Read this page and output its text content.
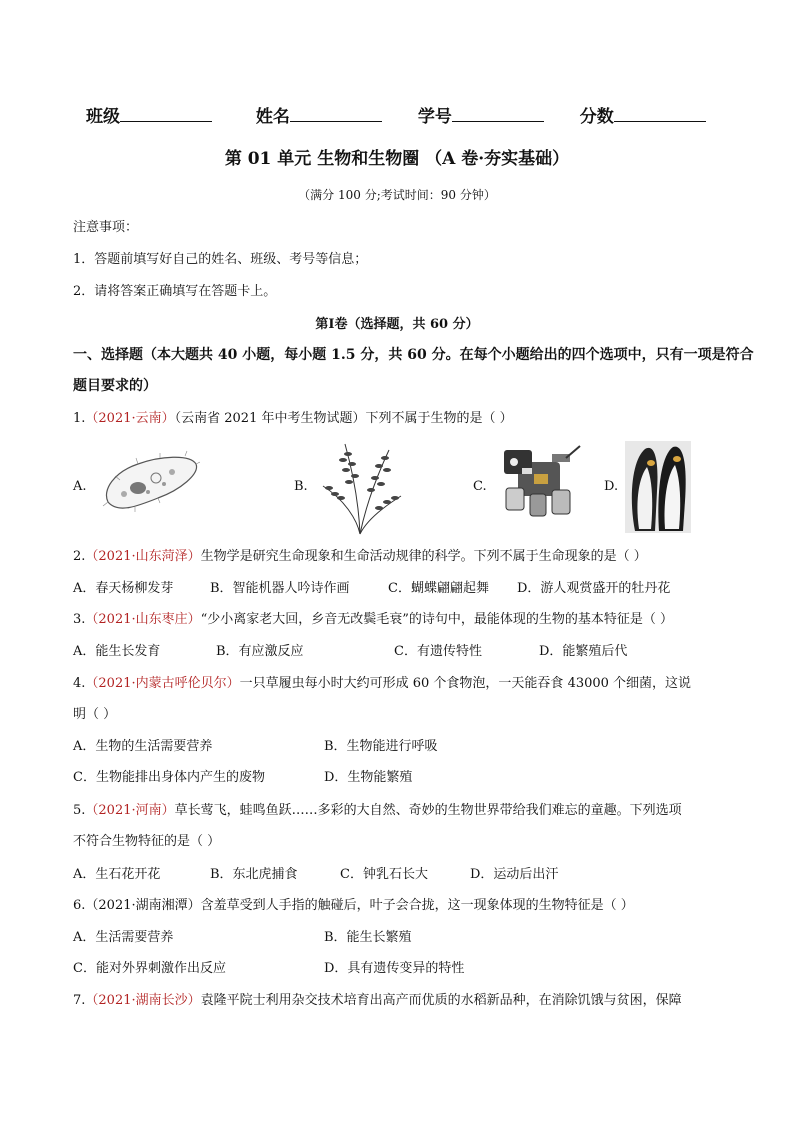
班级	姓名	学号	分数
第 01 单元 生物和生物圈 （A 卷·夯实基础）
（满分 100 分;考试时间：90 分钟）
注意事项：
1．答题前填写好自己的姓名、班级、考号等信息；
2．请将答案正确填写在答题卡上。
第Ⅰ卷（选择题，共 60 分）
一、选择题（本大题共 40 小题，每小题 1.5 分，共 60 分。在每个小题给出的四个选项中，只有一项是符合
题目要求的）
1.（2021·云南）（云南省 2021 年中考生物试题）下列不属于生物的是（ ）
A.	B.	C.	D.
2.（2021·山东菏泽）生物学是研究生命现象和生命活动规律的科学。下列不属于生命现象的是（ ）
A．春天杨柳发芽	B．智能机器人吟诗作画	C．蝴蝶翩翩起舞 D．游人观赏盛开的牡丹花
3.（2021·山东枣庄）“少小离家老大回，乡音无改鬓毛衰”的诗句中，最能体现的生物的基本特征是（ ）
A．能生长发育	B．有应激反应	C．有遗传特性	D．能繁殖后代
4.（2021·内蒙古呼伦贝尔）一只草履虫每小时大约可形成 60 个食物泡，一天能吞食 43000 个细菌，这说
明（ ）
A．生物的生活需要营养	B．生物能进行呼吸
C．生物能排出身体内产生的废物	D．生物能繁殖
5.（2021·河南）草长莺飞，蛙鸣鱼跃……多彩的大自然、奇妙的生物世界带给我们难忘的童趣。下列选项
不符合生物特征的是（ ）
A．生石花开花	B．东北虎捕食	C．钟乳石长大	D．运动后出汗
6.（2021·湖南湘潭）含羞草受到人手指的触碰后，叶子会合拢，这一现象体现的生物特征是（ ）
A．生活需要营养	B．能生长繁殖
C．能对外界刺激作出反应	D．具有遗传变异的特性
7.（2021·湖南长沙）袁隆平院士利用杂交技术培育出高产而优质的水稻新品种，在消除饥饿与贫困，保障
